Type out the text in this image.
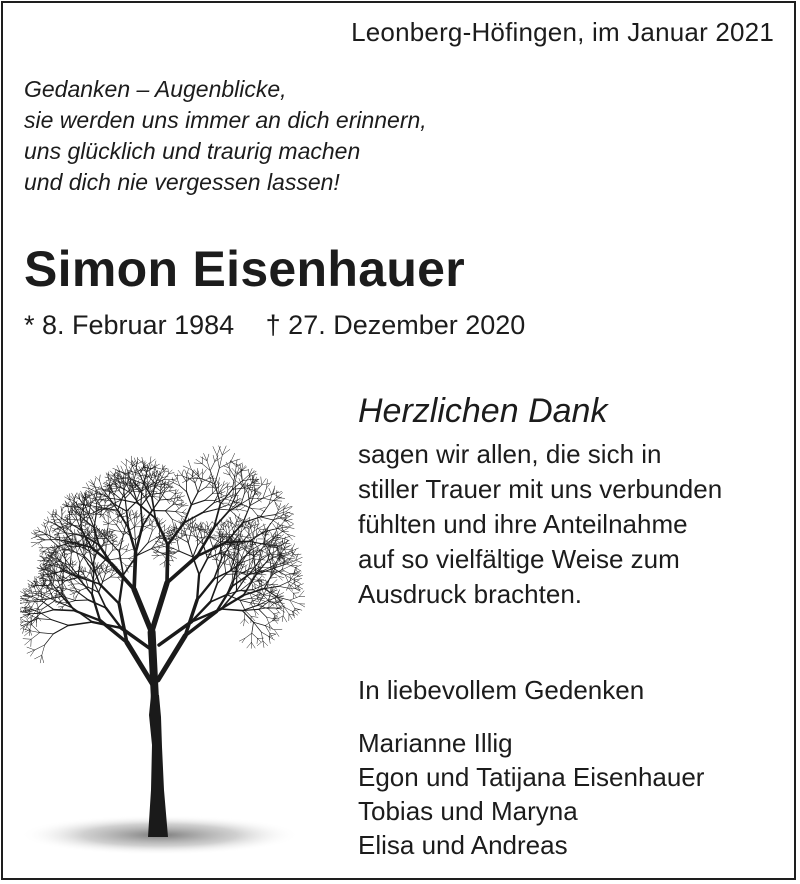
Leonberg-Höfingen, im Januar 2021
Gedanken – Augenblicke,
sie werden uns immer an dich erinnern,
uns glücklich und traurig machen
und dich nie vergessen lassen!
Simon Eisenhauer
* 8. Februar 1984 † 27. Dezember 2020
Herzlichen Dank
sagen wir allen, die sich in
stiller Trauer mit uns verbunden
fühlten und ihre Anteilnahme
auf so vielfältige Weise zum
Ausdruck brachten.
In liebevollem Gedenken
Marianne Illig
Egon und Tatijana Eisenhauer
Tobias und Maryna
Elisa und Andreas
